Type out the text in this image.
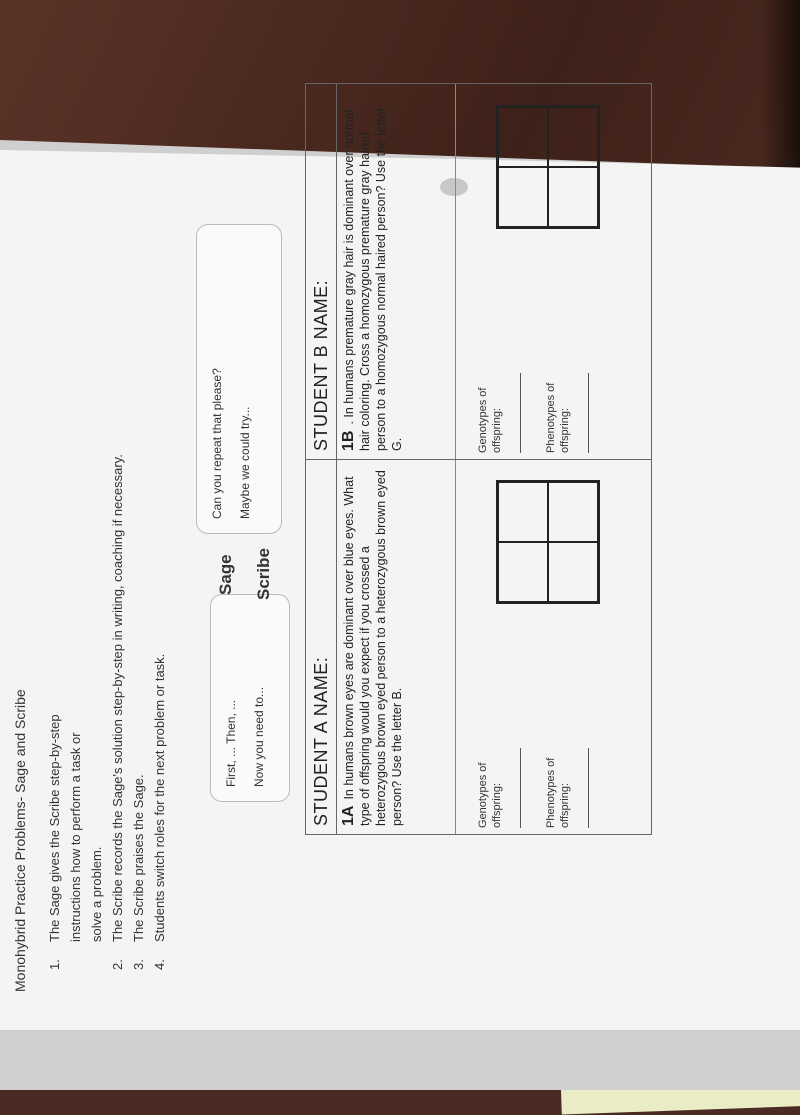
Monohybrid Practice Problems- Sage and Scribe 1.
The Sage gives the Scribe step-by-step instructions how to perform a task or solve a problem.
2.
The Scribe records the Sage's solution step-by-step in writing, coaching if necessary.
3.
The Scribe praises the Sage.
4.
Students switch roles for the next problem or task.	First, ... Then, ...	Now you need to...
Sage Scribe
Can you repeat that please?	Maybe we could try...
STUDENT A NAME: 1AIn humans brown eyes are dominant over blue eyes. What type of offspring would you expect if you crossed a heterozygous brown eyed person to a heterozygous brown eyed person? Use the letter B.	Genotypes of offspring:	Phenotypes of offspring:
STUDENT B NAME: 1B. In humans premature gray hair is dominant over normal hair coloring. Cross a homozygous premature gray haired person to a homozygous normal haired person? Use the letter G.	Genotypes of offspring:	Phenotypes of offspring:
